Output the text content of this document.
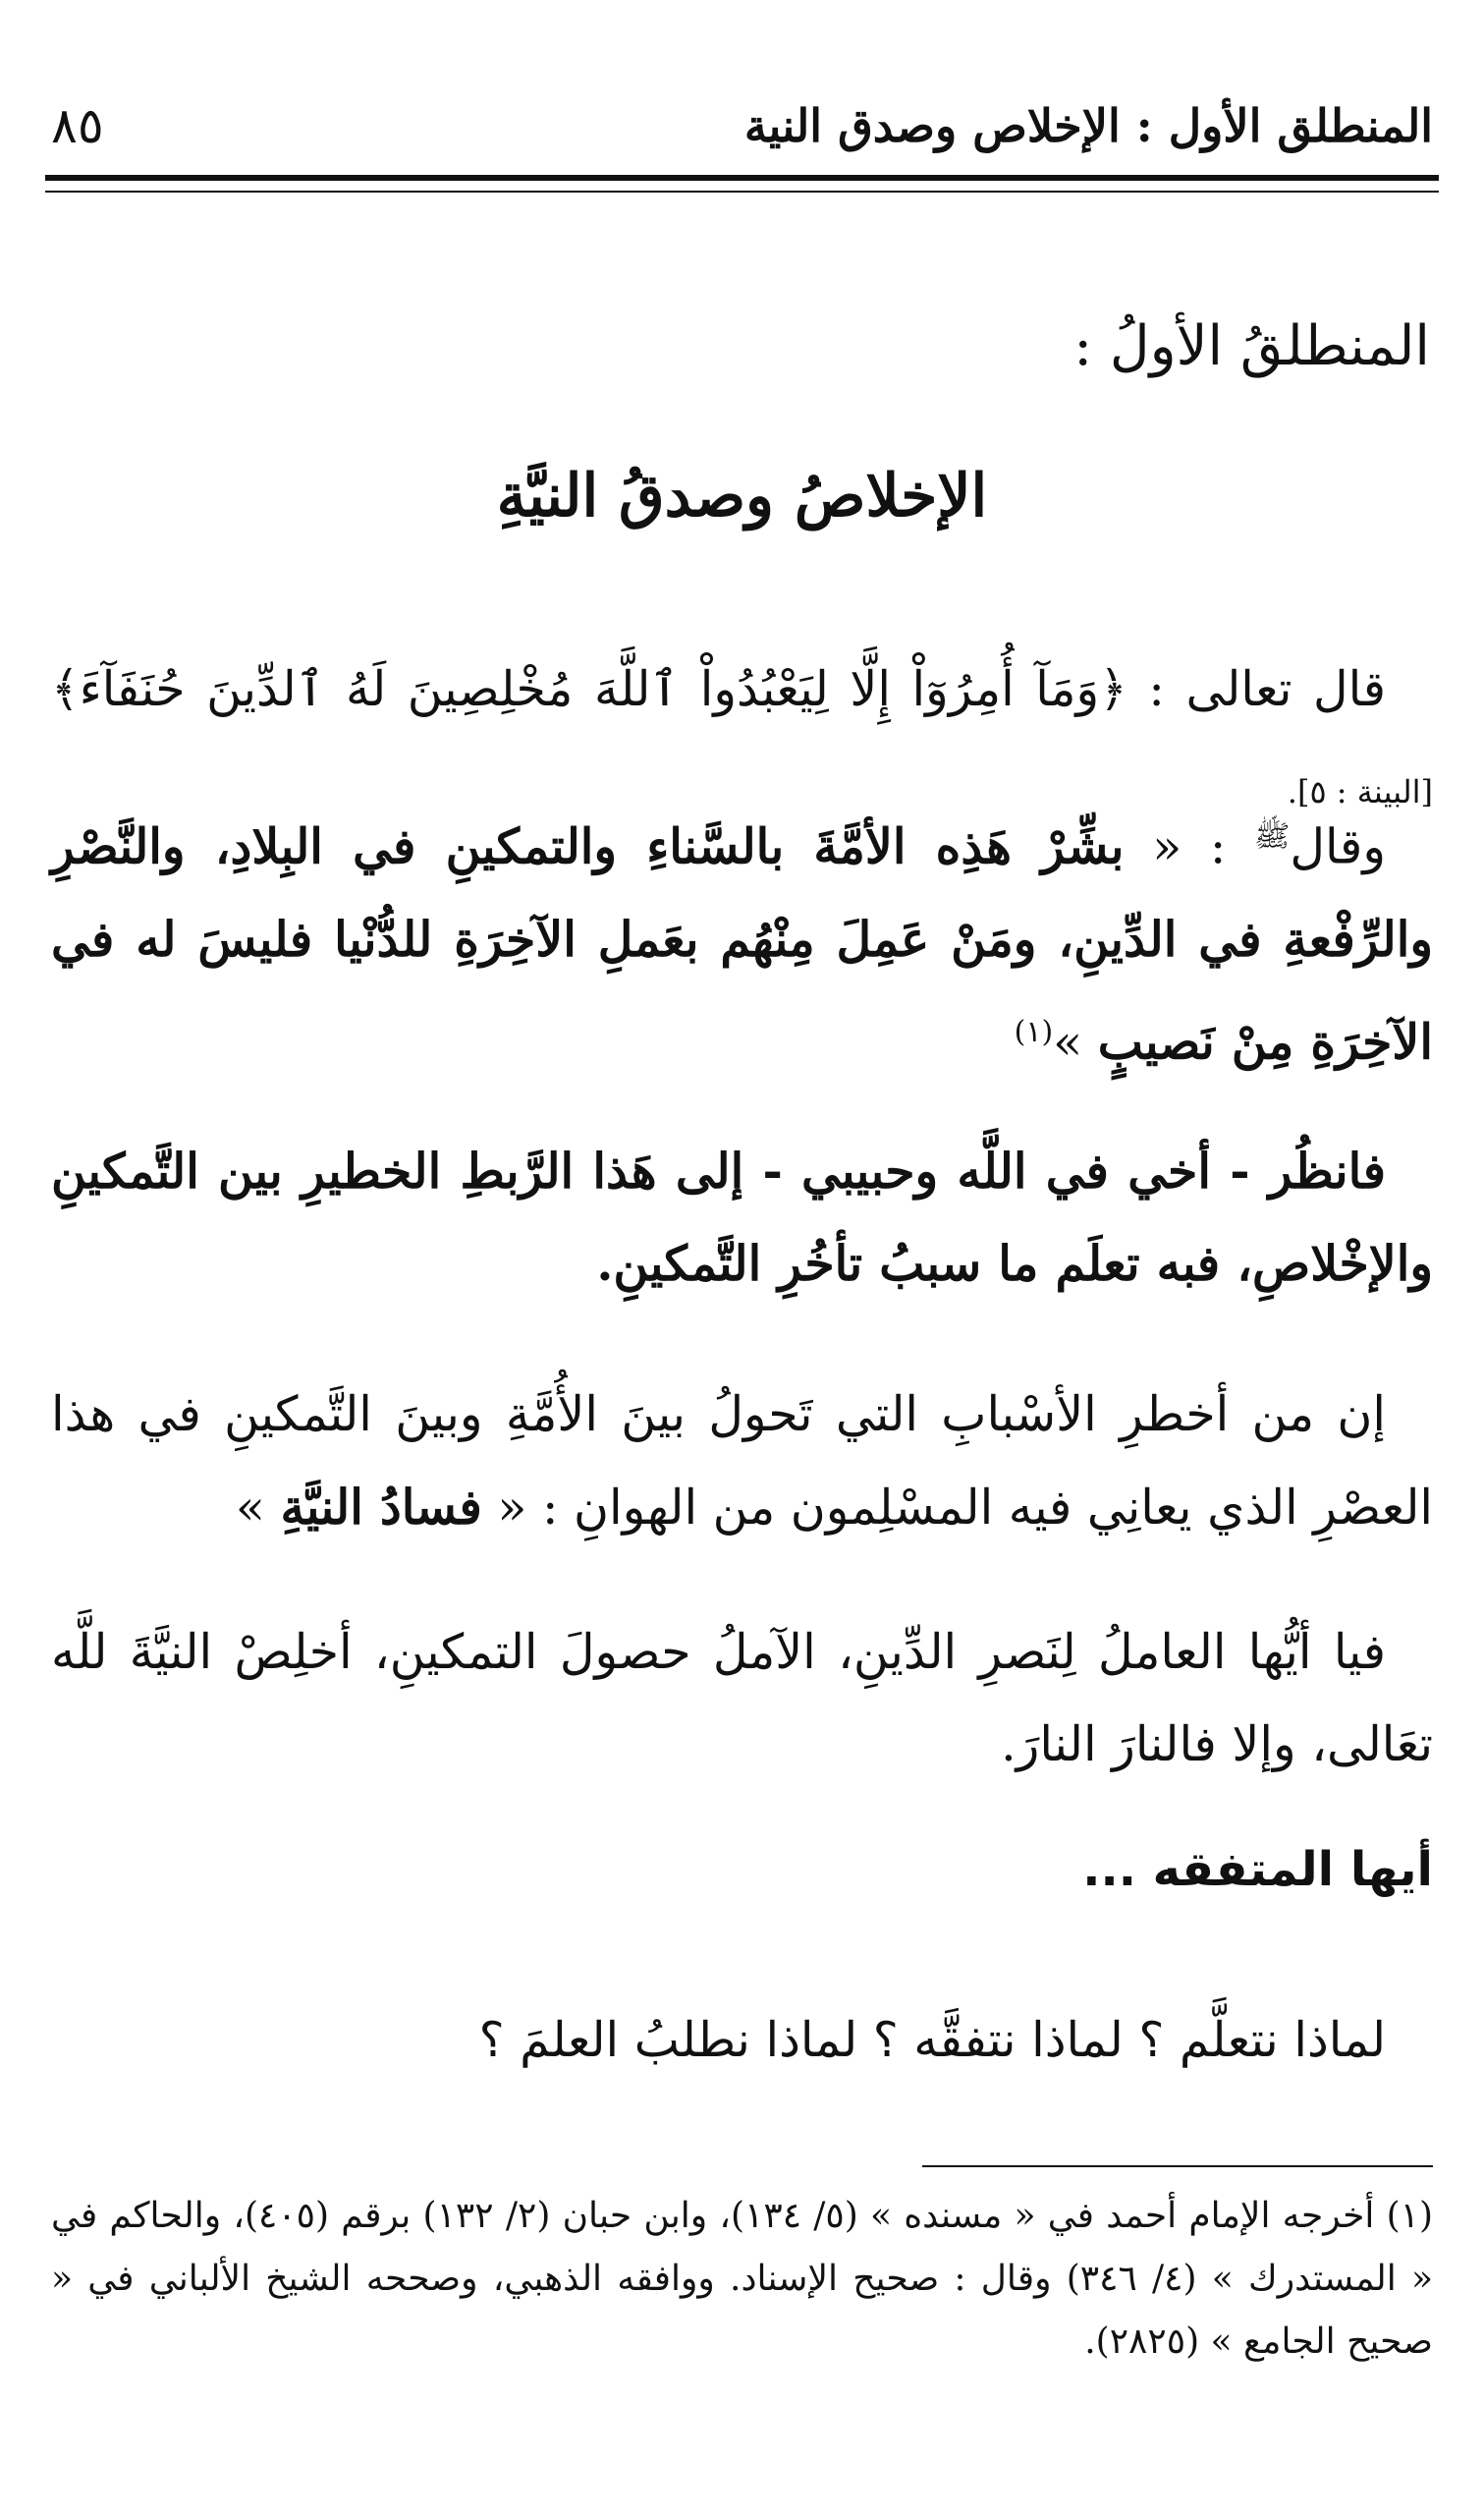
المنطلق الأول : الإخلاص وصدق النية
٨٥
المنطلقُ الأولُ :
الإخلاصُ وصدقُ النيَّةِ

قال تعالى : ﴿وَمَآ أُمِرُوٓاْ إِلَّا لِيَعْبُدُواْ ٱللَّهَ مُخْلِصِينَ لَهُ ٱلدِّينَ حُنَفَآءَ﴾ [البينة : ٥].

وقال$^ﷺ$ : « بشِّرْ هَذِه الأمَّةَ بالسَّناءِ والتمكينِ في البِلادِ، والنَّصْرِ والرِّفْعةِ في الدِّينِ، ومَنْ عَمِلَ مِنْهُم بعَملِ الآخِرَةِ للدُّنْيا فليسَ له في الآخِرَةِ مِنْ نَصيبٍ »$^{(١)}$

فانظُر - أخي في اللَّه وحبيبي - إلى هَذا الرَّبطِ الخطيرِ بين التَّمكينِ والإخْلاصِ، فبه تعلَم ما سببُ تأخُرِ التَّمكينِ.

إن من أخطرِ الأسْبابِ التي تَحولُ بينَ الأُمَّةِ وبينَ التَّمكينِ في هذا العصْرِ الذي يعانِي فيه المسْلِمون من الهوانِ : « فسادُ النيَّةِ »

فيا أيُّها العاملُ لِنَصرِ الدِّينِ، الآملُ حصولَ التمكينِ، أخلِصْ النيَّةَ للَّه تعَالى، وإلا فالنارَ النارَ.

أيها المتفقه ...

لماذا نتعلَّم ؟ لماذا نتفقَّه ؟ لماذا نطلبُ العلمَ ؟

(١) أخرجه الإمام أحمد في « مسنده » (٥/ ١٣٤)، وابن حبان (٢/ ١٣٢) برقم (٤٠٥)، والحاكم في « المستدرك » (٤/ ٣٤٦) وقال : صحيح الإسناد. ووافقه الذهبي، وصححه الشيخ الألباني في « صحيح الجامع » (٢٨٢٥).
